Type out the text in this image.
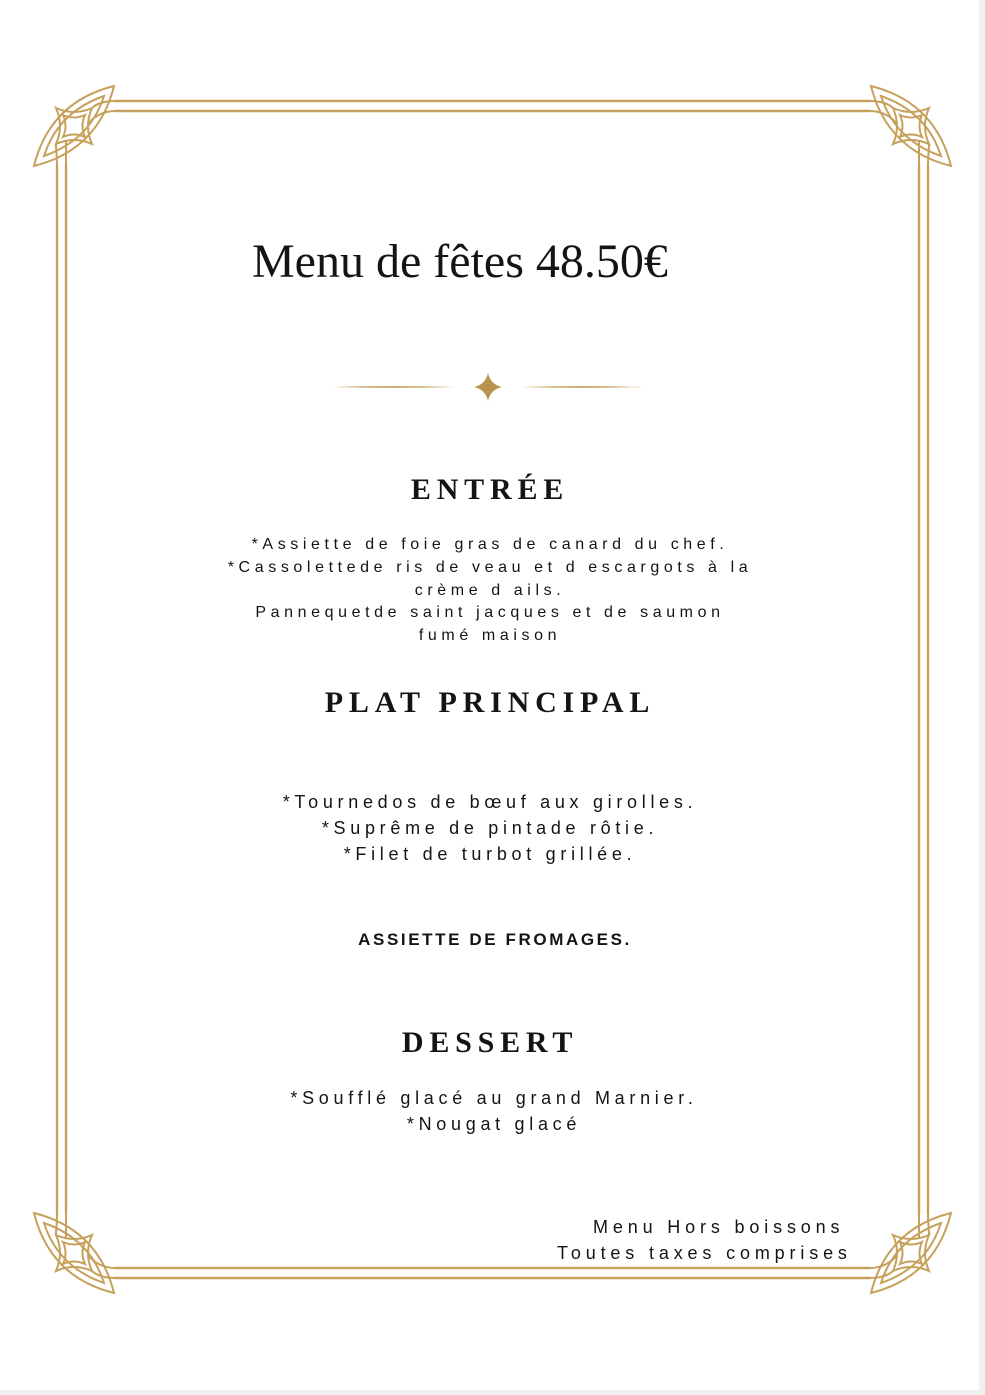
Menu de fêtes 48.50€
ENTRÉE
*Assiette de foie gras de canard du chef.
*Cassolettede ris de veau et d escargots à la
crème d ails.
Pannequetde saint jacques et de saumon
fumé maison
PLAT PRINCIPAL
*Tournedos de bœuf aux girolles.
*Suprême de pintade rôtie.
*Filet de turbot grillée.
ASSIETTE DE FROMAGES.
DESSERT
*Soufflé glacé au grand Marnier.
*Nougat glacé
Menu Hors boissons
Toutes taxes comprises
